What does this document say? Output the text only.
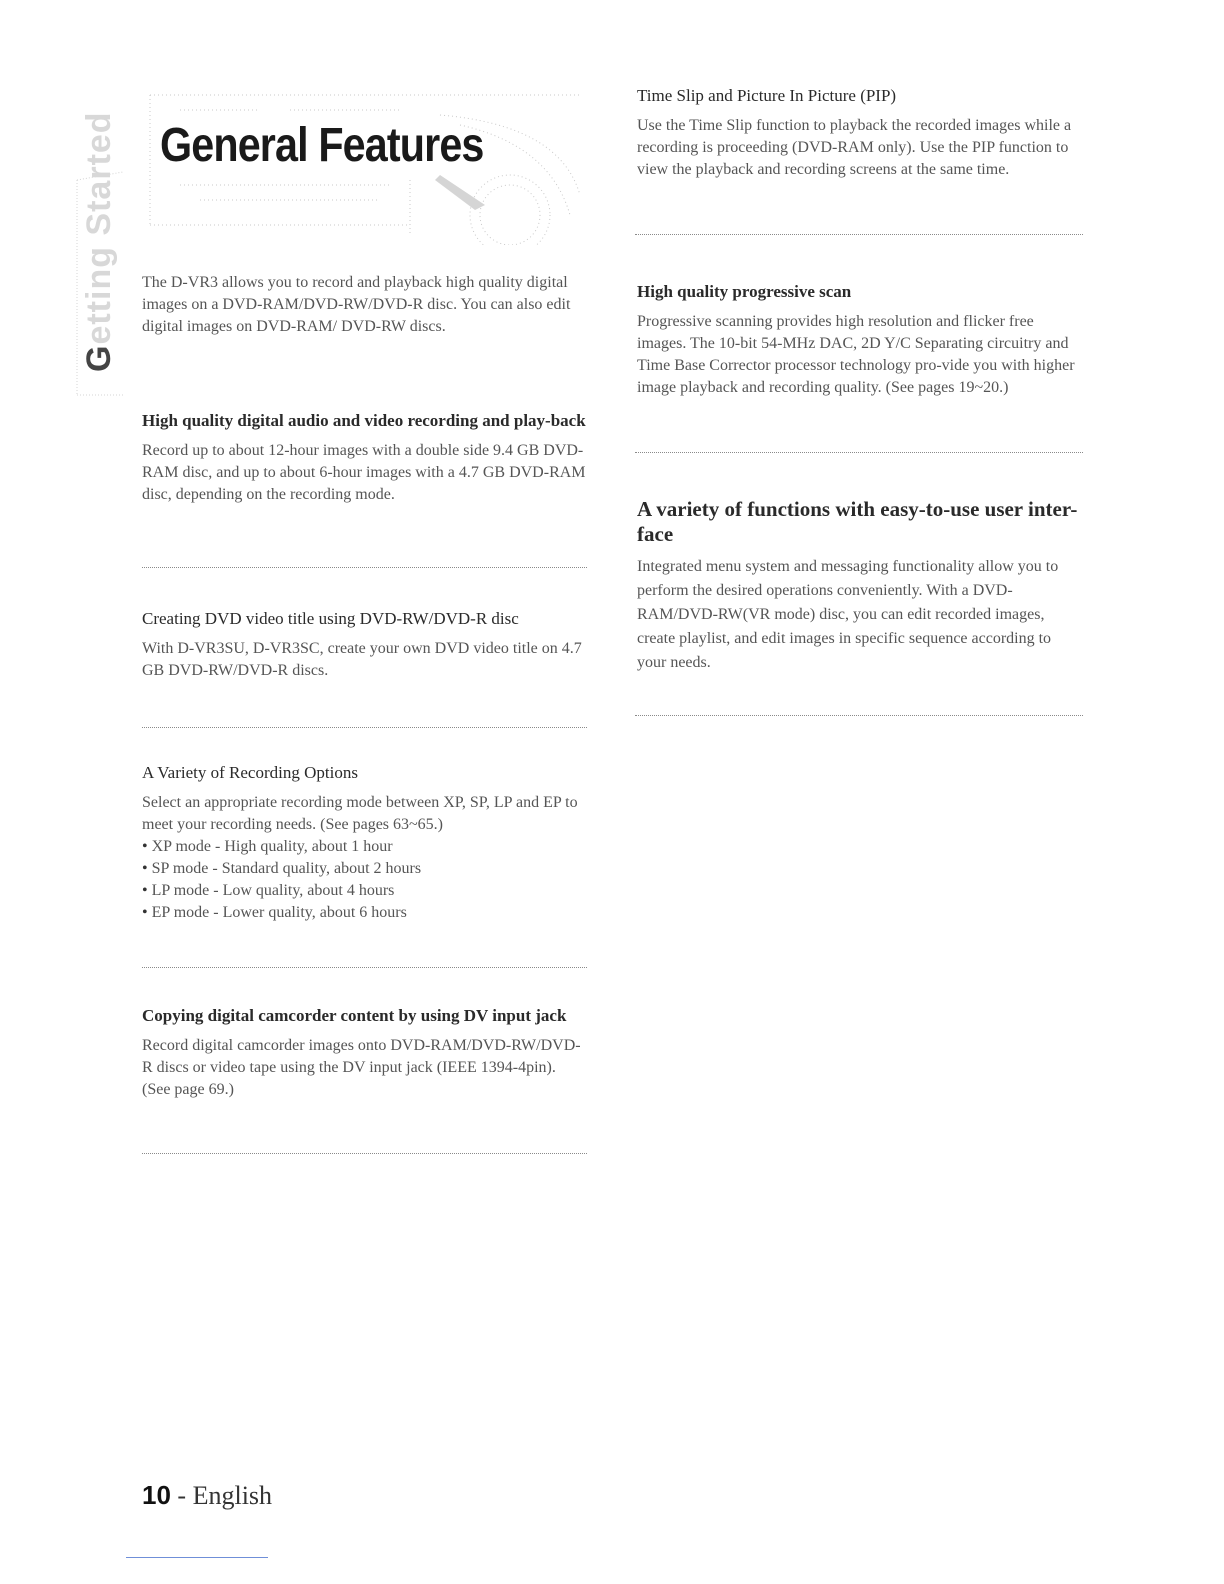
General Features
Getting Started The D-VR3 allows you to record and playback high quality digital images on a DVD-RAM/DVD-RW/DVD-R disc. You can also edit digital images on DVD-RAM/ DVD-RW discs.

High quality digital audio and video recording and play-back

Record up to about 12-hour images with a double side 9.4 GB DVD-RAM disc, and up to about 6-hour images with a 4.7 GB DVD-RAM disc, depending on the recording mode.

Creating DVD video title using DVD-RW/DVD-R disc

With D-VR3SU, D-VR3SC, create your own DVD video title on 4.7 GB DVD-RW/DVD-R discs.

A Variety of Recording Options

Select an appropriate recording mode between XP, SP, LP and EP to meet your recording needs. (See pages 63~65.)

• XP mode - High quality, about 1 hour
• SP mode - Standard quality, about 2 hours
• LP mode - Low quality, about 4 hours
• EP mode - Lower quality, about 6 hours
Copying digital camcorder content by using DV input jack

Record digital camcorder images onto DVD-RAM/DVD-RW/DVD-R discs or video tape using the DV input jack (IEEE 1394-4pin). (See page 69.)

Time Slip and Picture In Picture (PIP)

Use the Time Slip function to playback the recorded images while a recording is proceeding (DVD-RAM only). Use the PIP function to view the playback and recording screens at the same time.

High quality progressive scan

Progressive scanning provides high resolution and flicker free images. The 10-bit 54-MHz DAC, 2D Y/C Separating circuitry and Time Base Corrector processor technology pro-vide you with higher image playback and recording quality. (See pages 19~20.)

A variety of functions with easy-to-use user inter-face

Integrated menu system and messaging functionality allow you to perform the desired operations conveniently. With a DVD-RAM/DVD-RW(VR mode) disc, you can edit recorded images, create playlist, and edit images in specific sequence according to your needs.

10 - English
